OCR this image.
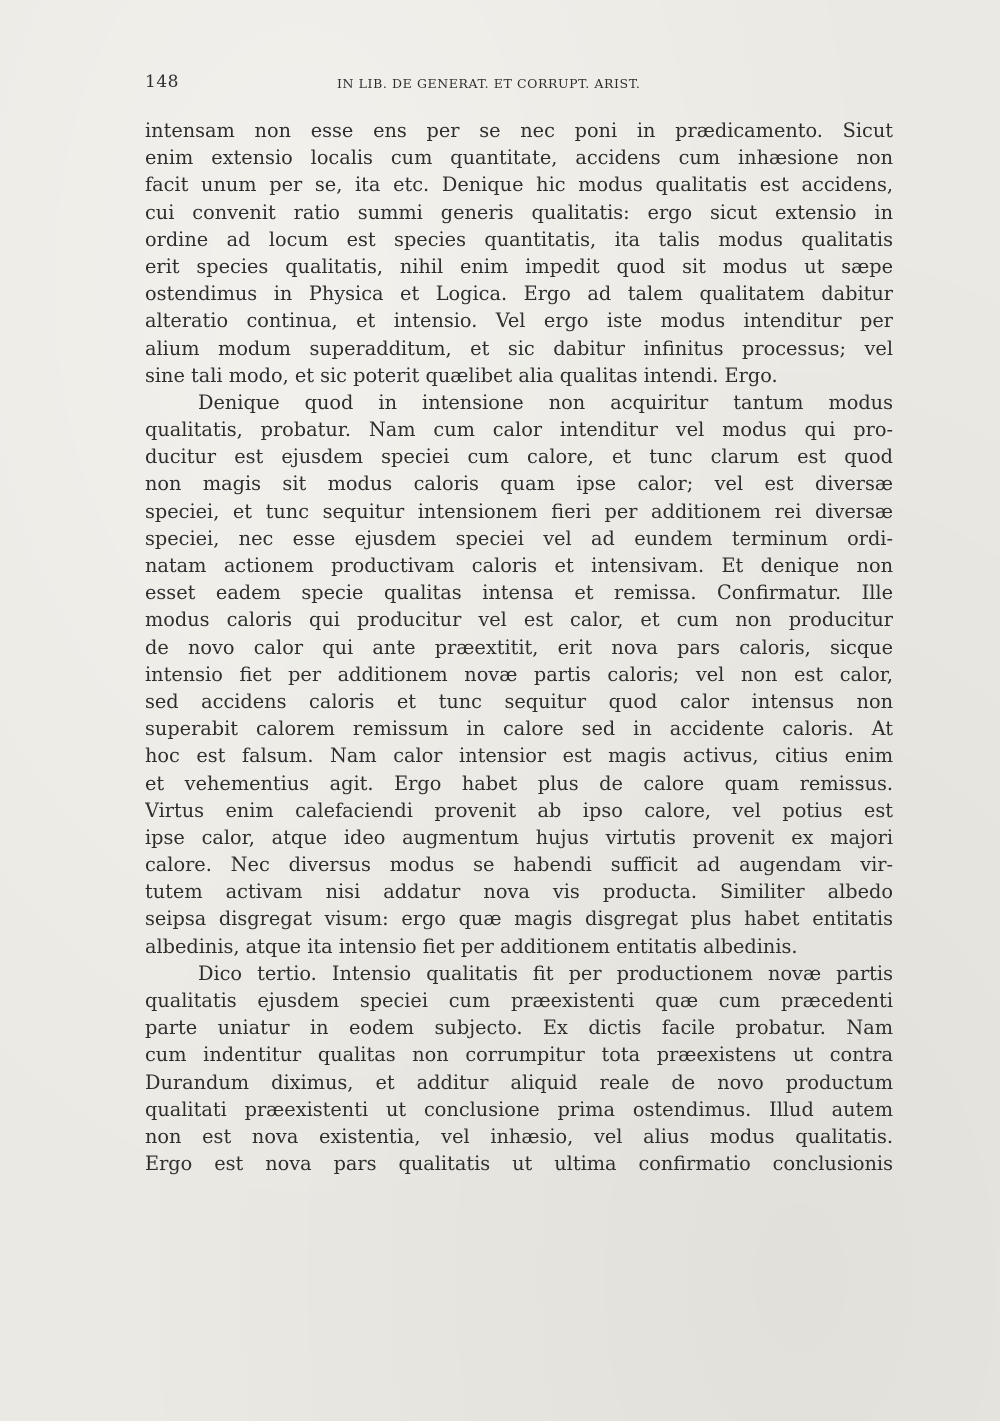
148	IN LIB. DE GENERAT. ET CORRUPT. ARIST.
intensam non esse ens per se nec poni in prædicamento. Sicut
enim extensio localis cum quantitate, accidens cum inhæsione non
facit unum per se, ita etc. Denique hic modus qualitatis est accidens,
cui convenit ratio summi generis qualitatis: ergo sicut extensio in
ordine ad locum est species quantitatis, ita talis modus qualitatis
erit species qualitatis, nihil enim impedit quod sit modus ut sæpe
ostendimus in Physica et Logica. Ergo ad talem qualitatem dabitur
alteratio continua, et intensio. Vel ergo iste modus intenditur per
alium modum superadditum, et sic dabitur infinitus processus; vel
sine tali modo, et sic poterit quælibet alia qualitas intendi. Ergo.
Denique quod in intensione non acquiritur tantum modus
qualitatis, probatur. Nam cum calor intenditur vel modus qui pro-
ducitur est ejusdem speciei cum calore, et tunc clarum est quod
non magis sit modus caloris quam ipse calor; vel est diversæ
speciei, et tunc sequitur intensionem fieri per additionem rei diversæ
speciei, nec esse ejusdem speciei vel ad eundem terminum ordi-
natam actionem productivam caloris et intensivam. Et denique non
esset eadem specie qualitas intensa et remissa. Confirmatur. Ille
modus caloris qui producitur vel est calor, et cum non producitur
de novo calor qui ante præextitit, erit nova pars caloris, sicque
intensio fiet per additionem novæ partis caloris; vel non est calor,
sed accidens caloris et tunc sequitur quod calor intensus non
superabit calorem remissum in calore sed in accidente caloris. At
hoc est falsum. Nam calor intensior est magis activus, citius enim
et vehementius agit. Ergo habet plus de calore quam remissus.
Virtus enim calefaciendi provenit ab ipso calore, vel potius est
ipse calor, atque ideo augmentum hujus virtutis provenit ex majori
calore. Nec diversus modus se habendi sufficit ad augendam vir-
tutem activam nisi addatur nova vis producta. Similiter albedo
seipsa disgregat visum: ergo quæ magis disgregat plus habet entitatis
albedinis, atque ita intensio fiet per additionem entitatis albedinis.
Dico tertio. Intensio qualitatis fit per productionem novæ partis
qualitatis ejusdem speciei cum præexistenti quæ cum præcedenti
parte uniatur in eodem subjecto. Ex dictis facile probatur. Nam
cum indentitur qualitas non corrumpitur tota præexistens ut contra
Durandum diximus, et additur aliquid reale de novo productum
qualitati præexistenti ut conclusione prima ostendimus. Illud autem
non est nova existentia, vel inhæsio, vel alius modus qualitatis.
Ergo est nova pars qualitatis ut ultima confirmatio conclusionis
